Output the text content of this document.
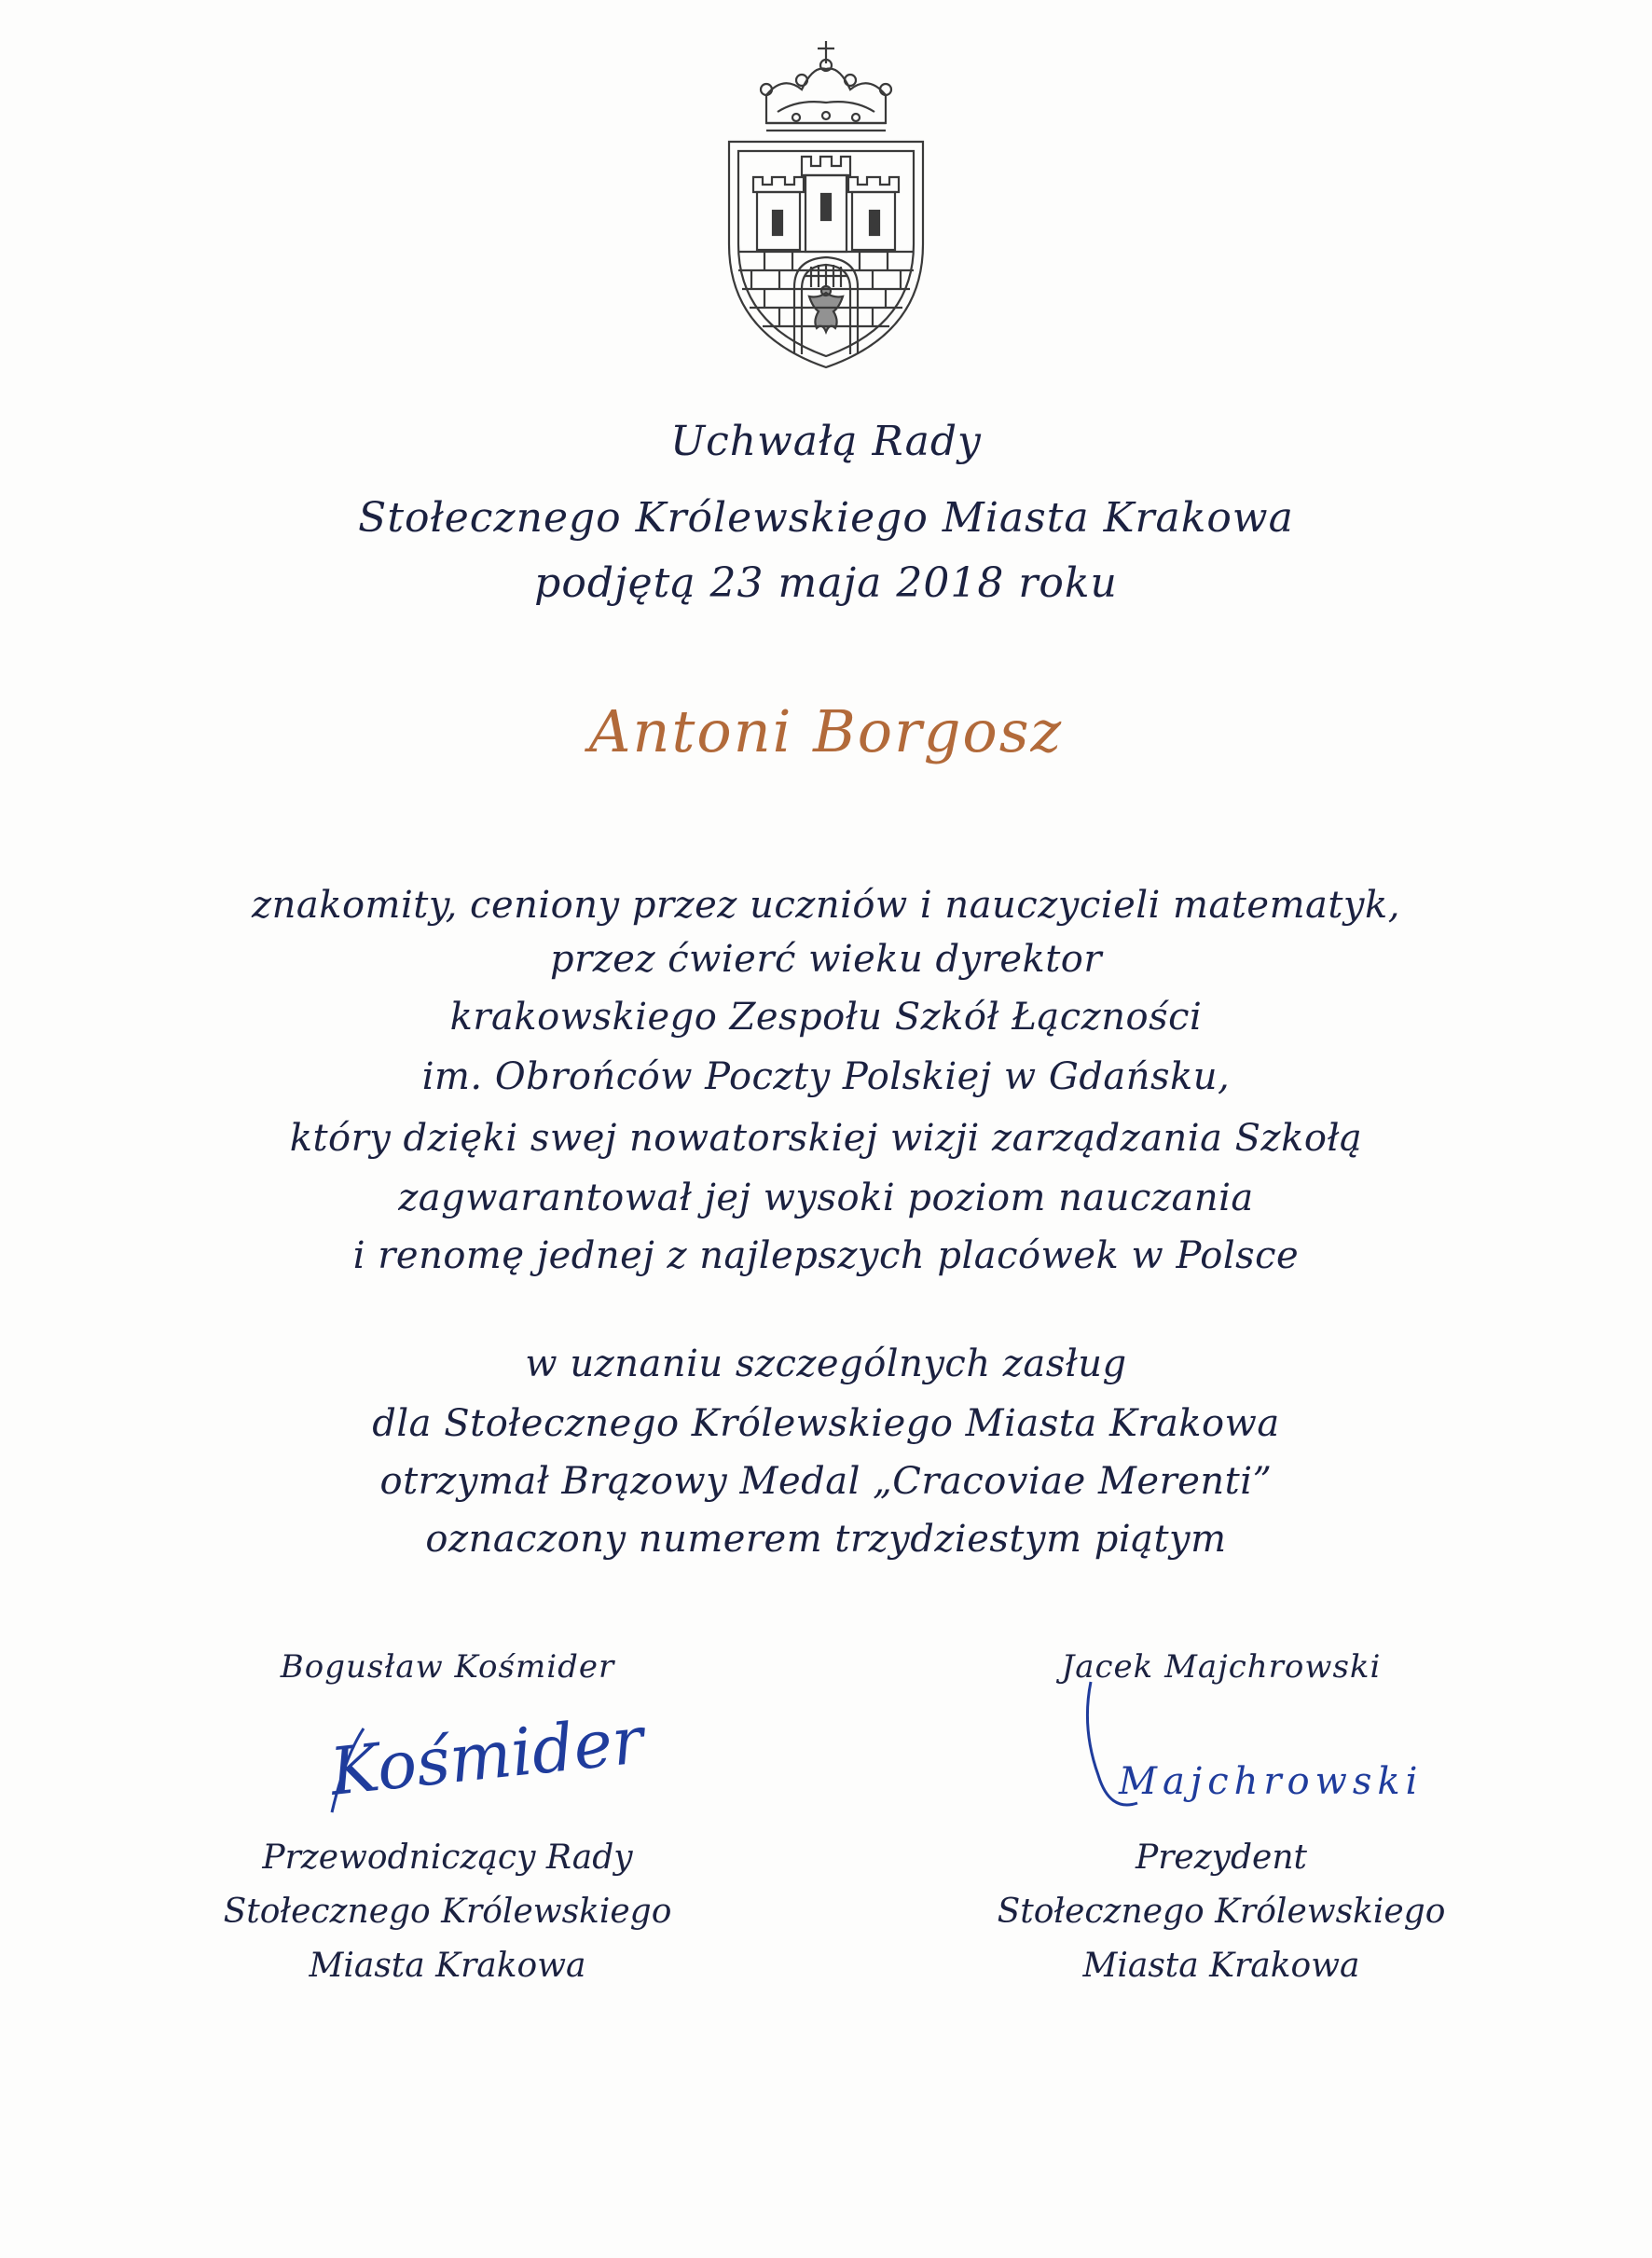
Uchwałą Rady
Stołecznego Królewskiego Miasta Krakowa
podjętą 23 maja 2018 roku
Antoni Borgosz
znakomity, ceniony przez uczniów i nauczycieli matematyk,
przez ćwierć wieku dyrektor
krakowskiego Zespołu Szkół Łączności
im. Obrońców Poczty Polskiej w Gdańsku,
który dzięki swej nowatorskiej wizji zarządzania Szkołą
zagwarantował jej wysoki poziom nauczania
i renomę jednej z najlepszych placówek w Polsce
w uznaniu szczególnych zasług
dla Stołecznego Królewskiego Miasta Krakowa
otrzymał Brązowy Medal „Cracoviae Merenti”
oznaczony numerem trzydziestym piątym
Bogusław Kośmider
Kośmider
Przewodniczący Rady
Stołecznego Królewskiego
Miasta Krakowa
Jacek Majchrowski
Majchrowski
Prezydent
Stołecznego Królewskiego
Miasta Krakowa
